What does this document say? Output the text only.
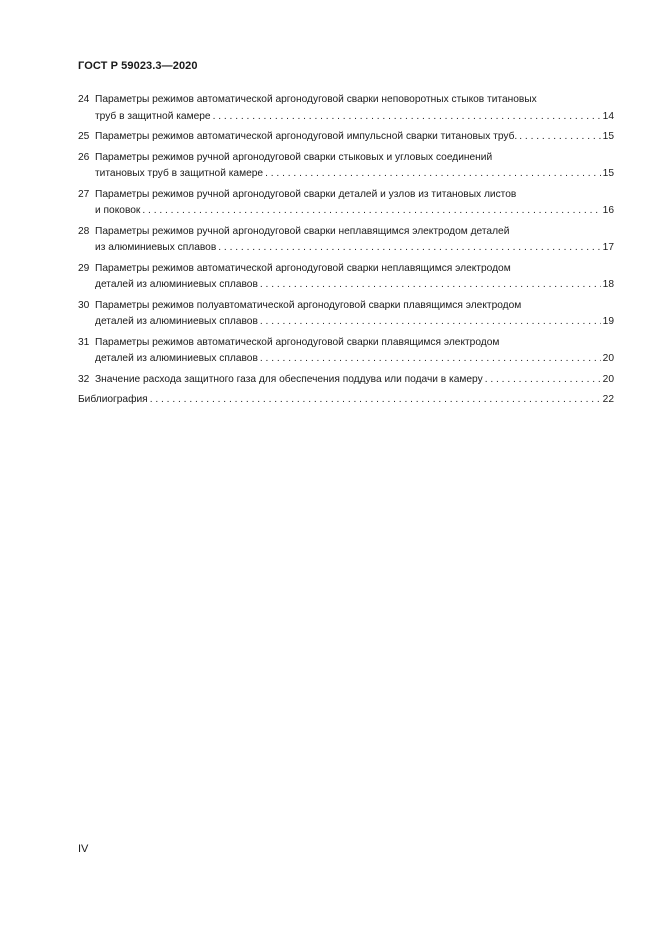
ГОСТ Р 59023.3—2020
24 Параметры режимов автоматической аргонодуговой сварки неповоротных стыков титановых
труб в защитной камере . . .	14
25 Параметры режимов автоматической аргонодуговой импульсной сварки титановых труб. . . .	15
26 Параметры режимов ручной аргонодуговой сварки стыковых и угловых соединений
титановых труб в защитной камере . . .	15
27 Параметры режимов ручной аргонодуговой сварки деталей и узлов из титановых листов
и поковок . . .	16
28 Параметры режимов ручной аргонодуговой сварки неплавящимся электродом деталей
из алюминиевых сплавов . . .	17
29 Параметры режимов автоматической аргонодуговой сварки неплавящимся электродом
деталей из алюминиевых сплавов . . .	18
30 Параметры режимов полуавтоматической аргонодуговой сварки плавящимся электродом
деталей из алюминиевых сплавов . . .	19
31 Параметры режимов автоматической аргонодуговой сварки плавящимся электродом
деталей из алюминиевых сплавов . . .	20
32 Значение расхода защитного газа для обеспечения поддува или подачи в камеру . . .	20
Библиография . . .	22
IV
